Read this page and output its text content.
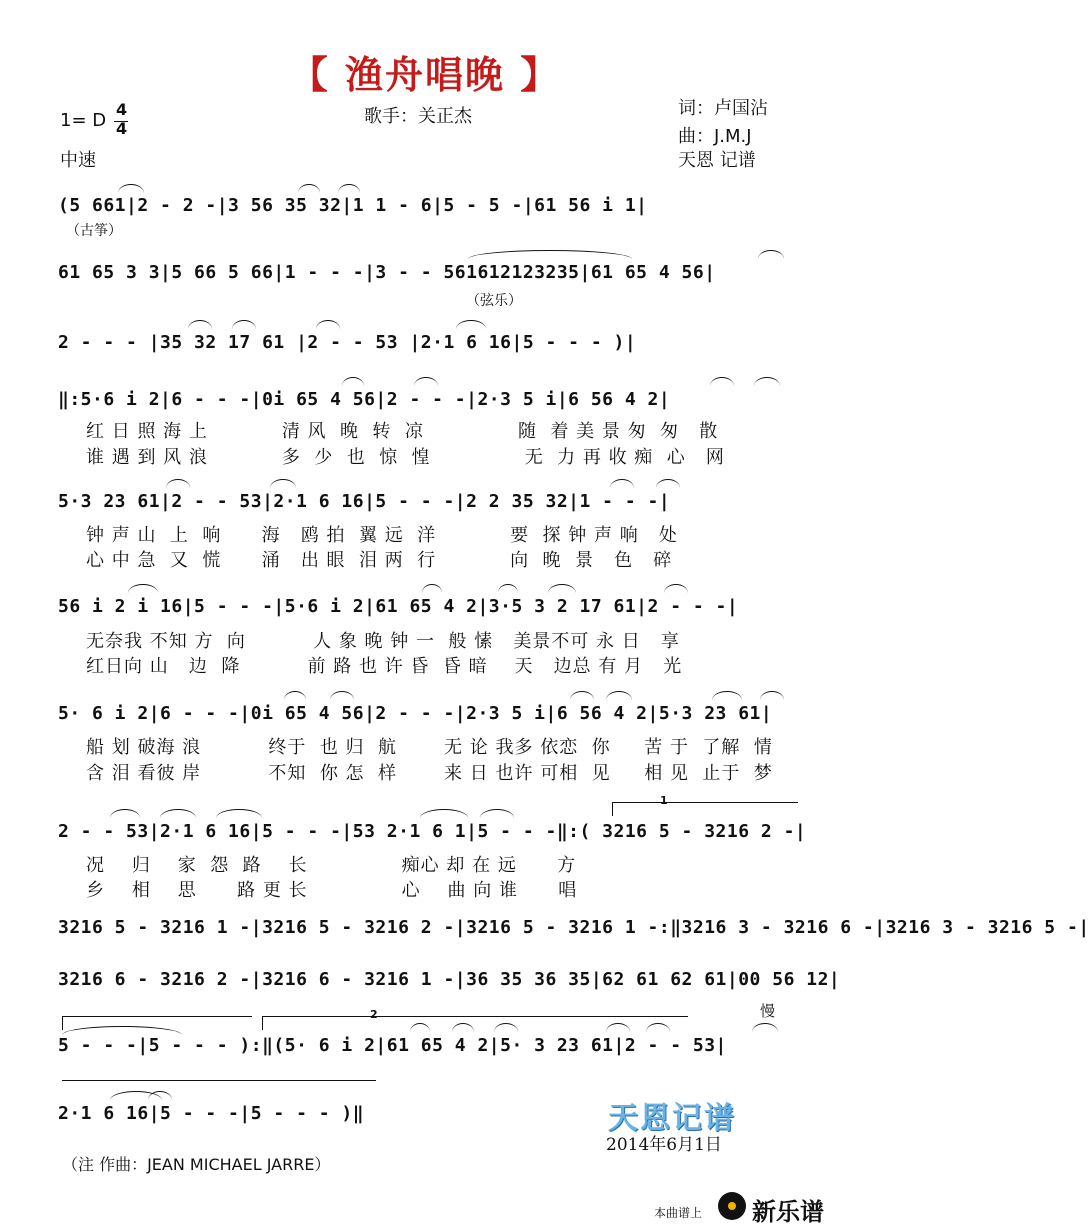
【 渔舟唱晚 】
1= D
4
4
中速
歌手：关正杰	词：卢国沾
曲：J.M.J
天恩 记谱
(5 661|2 - 2 -|3 56 35 32|1 1 - 6|5 - 5 -|61 56 i 1|
（古筝）
61 65 3 3|5 66 5 66|1 - - -|3 - - 561612123235|61 65 4 56|
（弦乐）
2 - - - |35 32 17 61 |2 - - 53 |2·1 6 16|5 - - - )|
‖:5·6 i 2|6 - - -|0i 65 4 56|2 - - -|2·3 5 i|6 56 4 2|
红 日 照 海 上           清 风  晚  转  凉              随  着 美 景 匆  匆   散
谁 遇 到 风 浪           多  少  也  惊  惶              无  力 再 收 痴  心   网
5·3 23 61|2 - - 53|2·1 6 16|5 - - -|2 2 35 32|1 - - -|
钟 声 山  上  响      海   鸥 拍  翼 远  洋           要  探 钟 声 响   处
心 中 急  又  慌      涌   出 眼  泪 两  行           向  晚  景   色   碎
56 i 2 i 16|5 - - -|5·6 i 2|61 65 4 2|3·5 3 2 17 61|2 - - -|
无奈我 不知 方  向          人 象 晚 钟 一  般 愫   美景不可 永 日   享
红日向 山   边  降          前 路 也 许 昏  昏 暗    天   边总 有 月   光
5· 6 i 2|6 - - -|0i 65 4 56|2 - - -|2·3 5 i|6 56 4 2|5·3 23 61|
船 划 破海 浪          终于  也 归  航       无 论 我多 依恋  你     苦 于  了解  情
含 泪 看彼 岸          不知  你 怎  样       来 日 也许 可相  见     相 见  止于  梦
1
2 - - 53|2·1 6 16|5 - - -|53 2·1 6 1|5 - - -‖:( 3216 5 - 3216 2 -|
况    归    家  怨  路    长              痴心 却 在 远      方
乡    相    思      路 更 长              心    曲 向 谁      唱
3216 5 - 3216 1 -|3216 5 - 3216 2 -|3216 5 - 3216 1 -:‖3216 3 - 3216 6 -|3216 3 - 3216 5 -|
3216 6 - 3216 2 -|3216 6 - 3216 1 -|36 35 36 35|62 61 62 61|00 56 12|
慢
2
5 - - -|5 - - - ):‖(5· 6 i 2|61 65 4 2|5· 3 23 61|2 - - 53|
2·1 6 16|5 - - -|5 - - - )‖	天恩记谱
2014年6月1日
（注 作曲：JEAN MICHAEL JARRE）
本曲谱上 新乐谱
